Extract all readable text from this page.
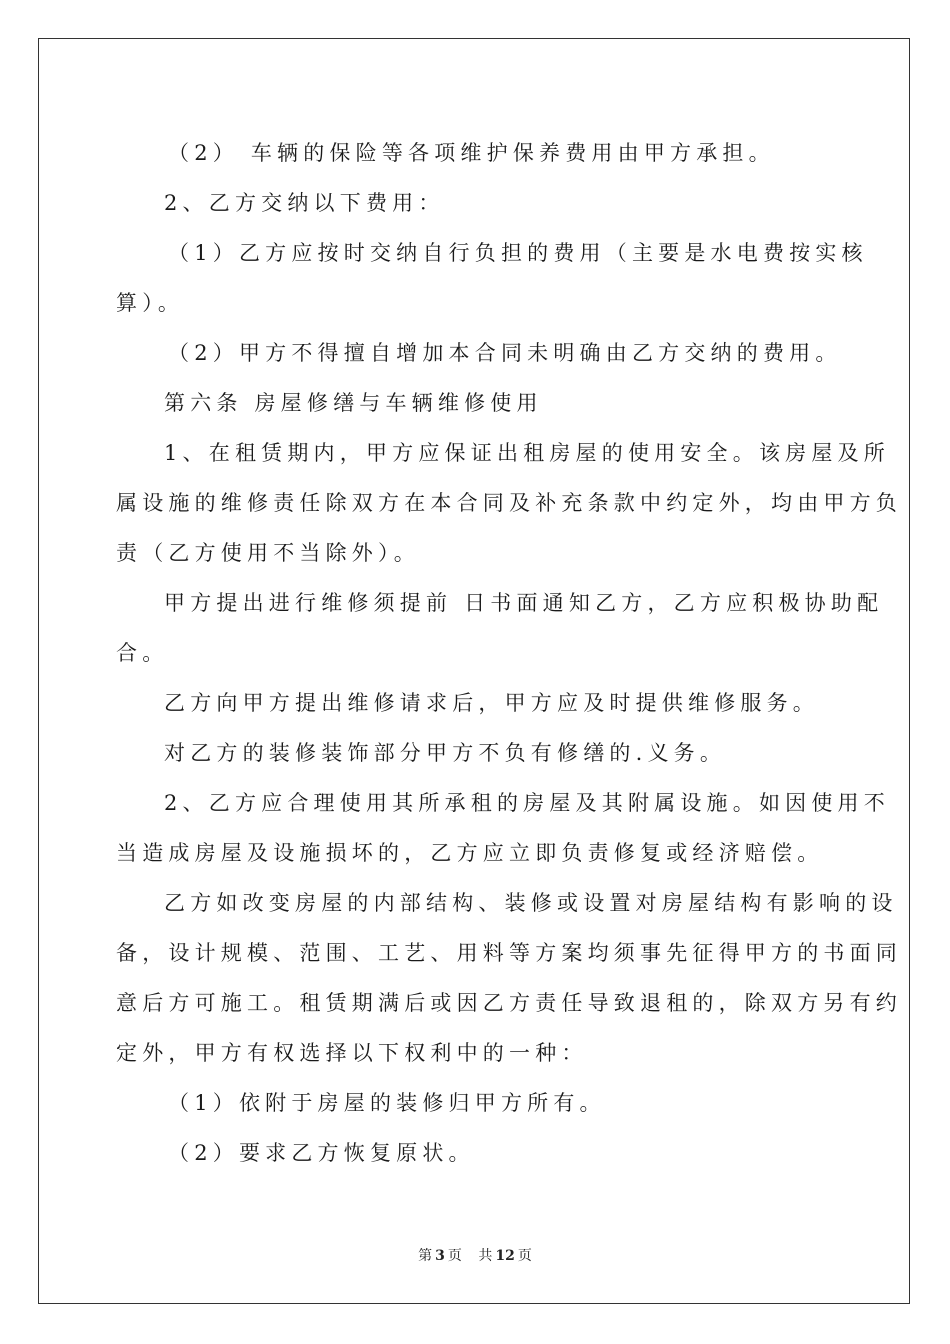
（2） 车辆的保险等各项维护保养费用由甲方承担。
2、乙方交纳以下费用：
（1）乙方应按时交纳自行负担的费用（主要是水电费按实核
算）。
（2）甲方不得擅自增加本合同未明确由乙方交纳的费用。
第六条 房屋修缮与车辆维修使用
1、在租赁期内，甲方应保证出租房屋的使用安全。该房屋及所
属设施的维修责任除双方在本合同及补充条款中约定外，均由甲方负
责（乙方使用不当除外）。
甲方提出进行维修须提前 日书面通知乙方，乙方应积极协助配
合。
乙方向甲方提出维修请求后，甲方应及时提供维修服务。
对乙方的装修装饰部分甲方不负有修缮的.义务。
2、乙方应合理使用其所承租的房屋及其附属设施。如因使用不
当造成房屋及设施损坏的，乙方应立即负责修复或经济赔偿。
乙方如改变房屋的内部结构、装修或设置对房屋结构有影响的设
备，设计规模、范围、工艺、用料等方案均须事先征得甲方的书面同
意后方可施工。租赁期满后或因乙方责任导致退租的，除双方另有约
定外，甲方有权选择以下权利中的一种：
（1）依附于房屋的装修归甲方所有。
（2）要求乙方恢复原状。
第 3 页 共 12 页
